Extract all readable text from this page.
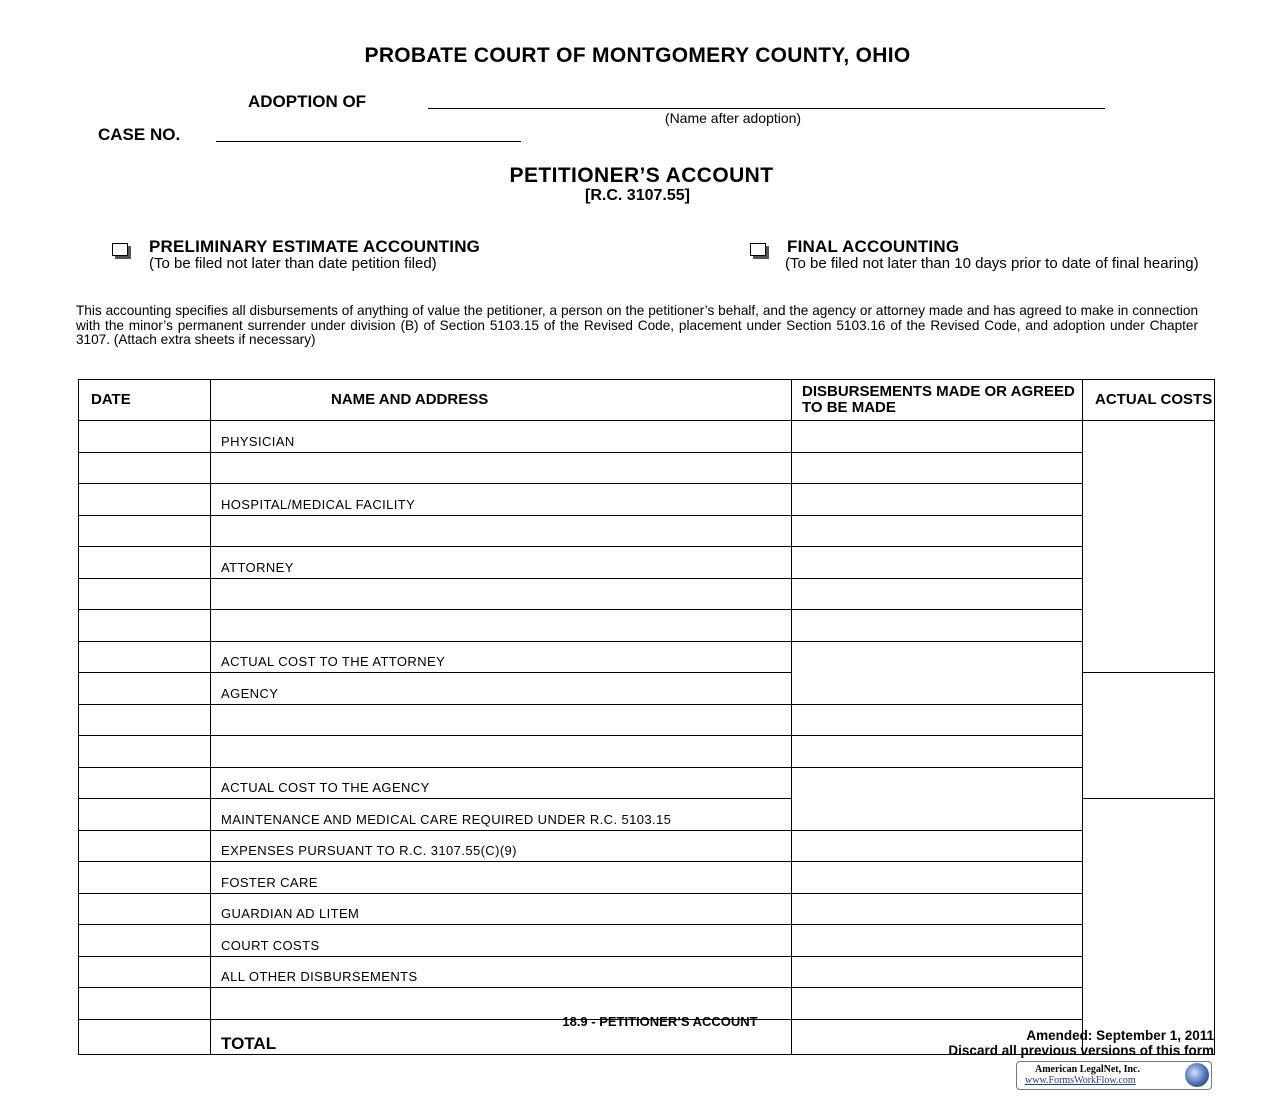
PROBATE COURT OF MONTGOMERY COUNTY, OHIO
ADOPTION OF
(Name after adoption)
CASE NO.
PETITIONER’S ACCOUNT
[R.C. 3107.55]
PRELIMINARY ESTIMATE ACCOUNTING
(To be filed not later than date petition filed)
FINAL ACCOUNTING
(To be filed not later than 10 days prior to date of final hearing)
This accounting specifies all disbursements of anything of value the petitioner, a person on the petitioner’s behalf, and the agency or attorney made and has agreed to make in connection with the minor’s permanent surrender under division (B) of Section 5103.15 of the Revised Code, placement under Section 5103.16 of the Revised Code, and adoption under Chapter 3107. (Attach extra sheets if necessary)
DATE	NAME AND ADDRESS	DISBURSEMENTS MADE OR AGREED TO BE MADE	ACTUAL COSTS
	PHYSICIAN		

	HOSPITAL/MEDICAL FACILITY		

	ATTORNEY		

	ACTUAL COST TO THE ATTORNEY		
	AGENCY		

	ACTUAL COST TO THE AGENCY		
	MAINTENANCE AND MEDICAL CARE REQUIRED UNDER R.C. 5103.15		
	EXPENSES PURSUANT TO R.C. 3107.55(C)(9)		
	FOSTER CARE		
	GUARDIAN AD LITEM		
	COURT COSTS		
	ALL OTHER DISBURSEMENTS		

	TOTAL		
18.9 - PETITIONER’S ACCOUNT
Amended: September 1, 2011
Discard all previous versions of this form
American LegalNet, Inc.
www.FormsWorkFlow.com
